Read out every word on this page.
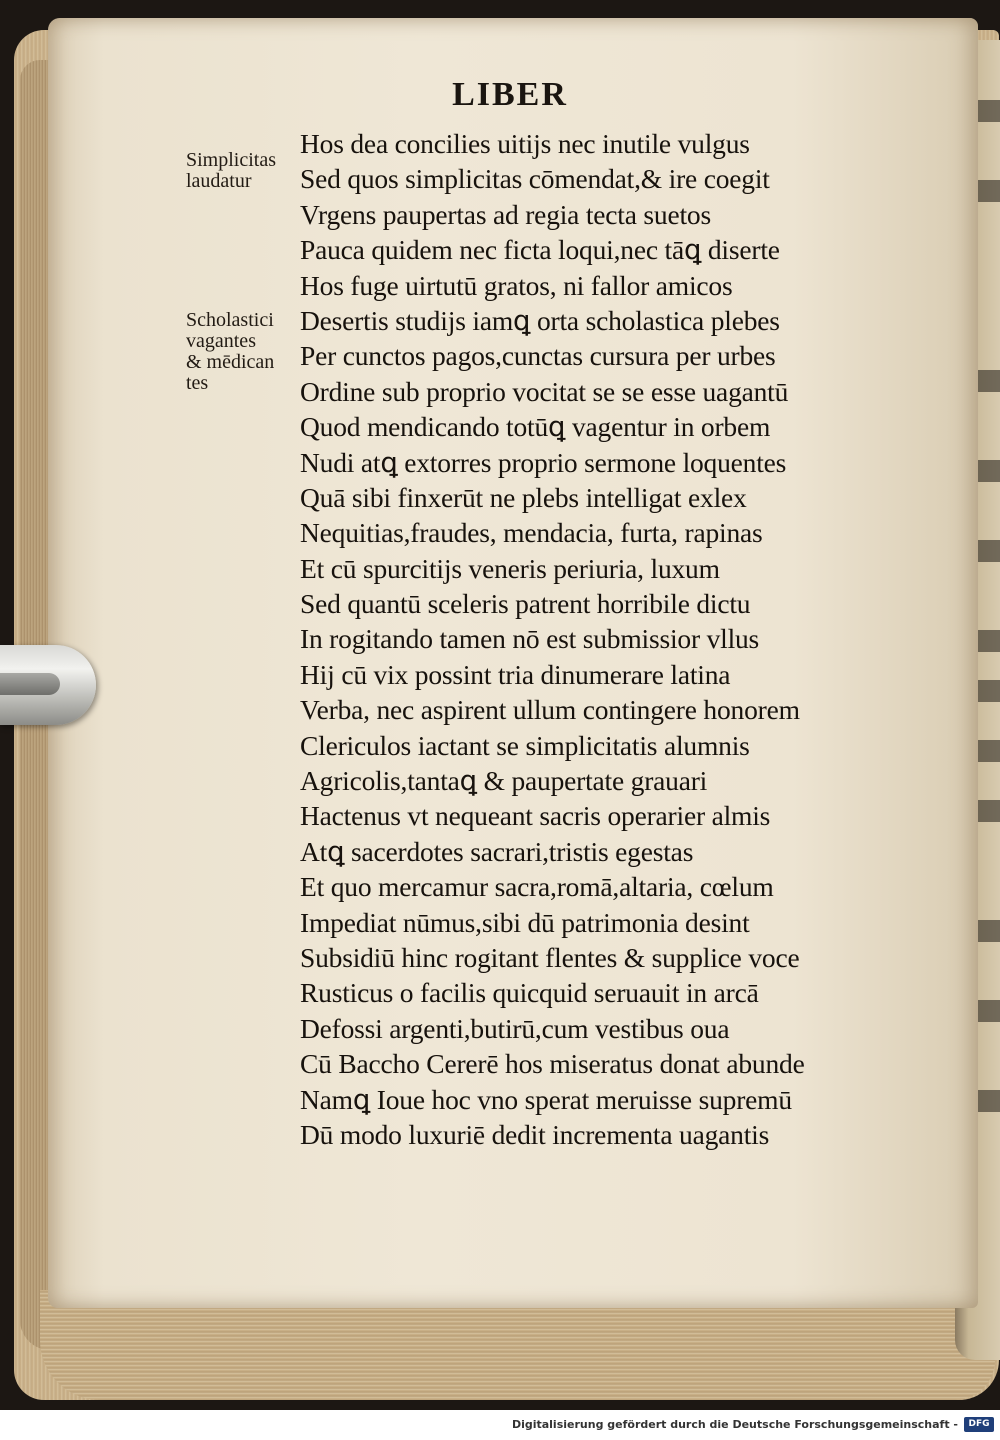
LIBER
Simplicitas
laudatur
Scholastici
vagantes
& mēdican
tes
Hos dea concilies uitĳs nec inutile vulgus
Sed quos simplicitas cōmendat,& ire coegit
Vrgens paupertas ad regia tecta suetos
Pauca quidem nec ficta loqui,nec tāꝗ diserte
Hos fuge uirtutū gratos, ni fallor amicos
Desertis studĳs iamꝗ orta scholastica plebes
Per cunctos pagos,cunctas cursura per urbes
Ordine sub proprio vocitat se se esse uagantū
Quod mendicando totūꝗ vagentur in orbem
Nudi atꝗ extorres proprio sermone loquentes
Quā sibi finxerūt ne plebs intelligat exlex
Nequitias,fraudes, mendacia, furta, rapinas
Et cū spurcitĳs veneris periuria, luxum
Sed quantū sceleris patrent horribile dictu
In rogitando tamen nō est submissior vllus
Hĳ cū vix possint tria dinumerare latina
Verba, nec aspirent ullum contingere honorem
Clericulos iactant se simplicitatis alumnis
Agricolis,tantaꝗ & paupertate grauari
Hactenus vt nequeant sacris operarier almis
Atꝗ sacerdotes sacrari,tristis egestas
Et quo mercamur sacra,romā,altaria, cœlum
Impediat nūmus,sibi dū patrimonia desint
Subsidiū hinc rogitant flentes & supplice voce
Rusticus o facilis quicquid seruauit in arcā
Defossi argenti,butirū,cum vestibus oua
Cū Baccho Cererē hos miseratus donat abunde
Namꝗ Ioue hoc vno sperat meruisse supremū
Dū modo luxuriē dedit incrementa uagantis
Digitalisierung gefördert durch die Deutsche Forschungsgemeinschaft -	DFG
